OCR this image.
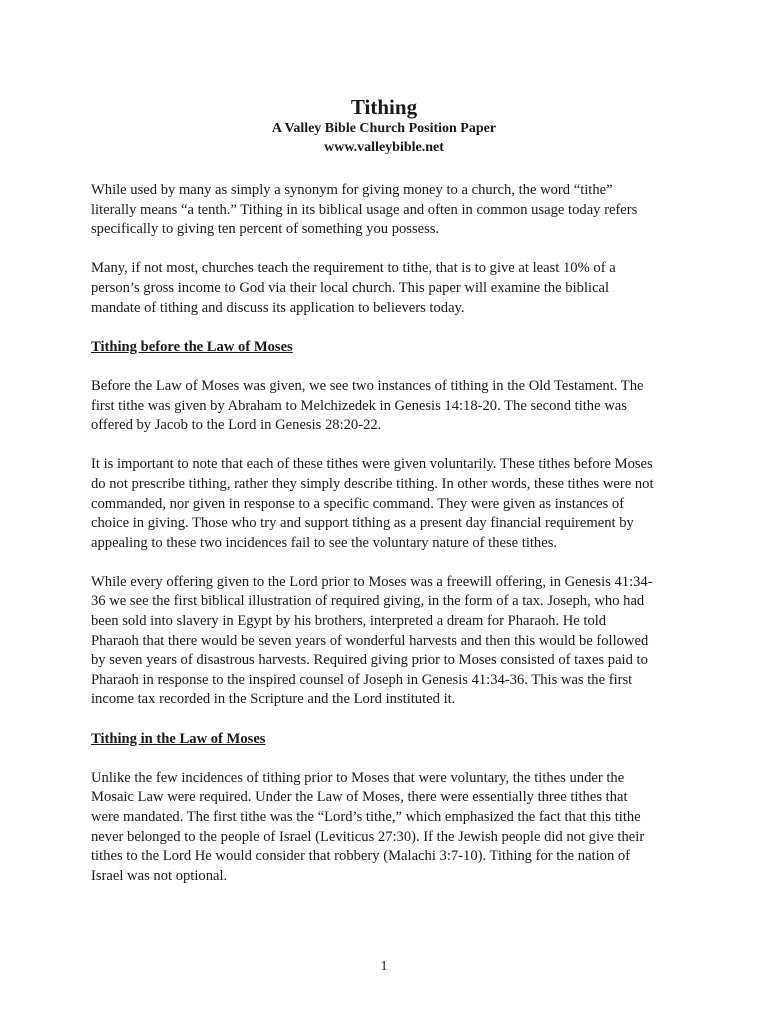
Tithing
A Valley Bible Church Position Paper
www.valleybible.net

While used by many as simply a synonym for giving money to a church, the word “tithe”
literally means “a tenth.” Tithing in its biblical usage and often in common usage today refers
specifically to giving ten percent of something you possess.

Many, if not most, churches teach the requirement to tithe, that is to give at least 10% of a
person’s gross income to God via their local church. This paper will examine the biblical
mandate of tithing and discuss its application to believers today.

Tithing before the Law of Moses

Before the Law of Moses was given, we see two instances of tithing in the Old Testament. The
first tithe was given by Abraham to Melchizedek in Genesis 14:18-20. The second tithe was
offered by Jacob to the Lord in Genesis 28:20-22.

It is important to note that each of these tithes were given voluntarily. These tithes before Moses
do not prescribe tithing, rather they simply describe tithing. In other words, these tithes were not
commanded, nor given in response to a specific command. They were given as instances of
choice in giving. Those who try and support tithing as a present day financial requirement by
appealing to these two incidences fail to see the voluntary nature of these tithes.

While every offering given to the Lord prior to Moses was a freewill offering, in Genesis 41:34-
36 we see the first biblical illustration of required giving, in the form of a tax. Joseph, who had
been sold into slavery in Egypt by his brothers, interpreted a dream for Pharaoh. He told
Pharaoh that there would be seven years of wonderful harvests and then this would be followed
by seven years of disastrous harvests. Required giving prior to Moses consisted of taxes paid to
Pharaoh in response to the inspired counsel of Joseph in Genesis 41:34-36. This was the first
income tax recorded in the Scripture and the Lord instituted it.

Tithing in the Law of Moses

Unlike the few incidences of tithing prior to Moses that were voluntary, the tithes under the
Mosaic Law were required. Under the Law of Moses, there were essentially three tithes that
were mandated. The first tithe was the “Lord’s tithe,” which emphasized the fact that this tithe
never belonged to the people of Israel (Leviticus 27:30). If the Jewish people did not give their
tithes to the Lord He would consider that robbery (Malachi 3:7-10). Tithing for the nation of
Israel was not optional.

1
